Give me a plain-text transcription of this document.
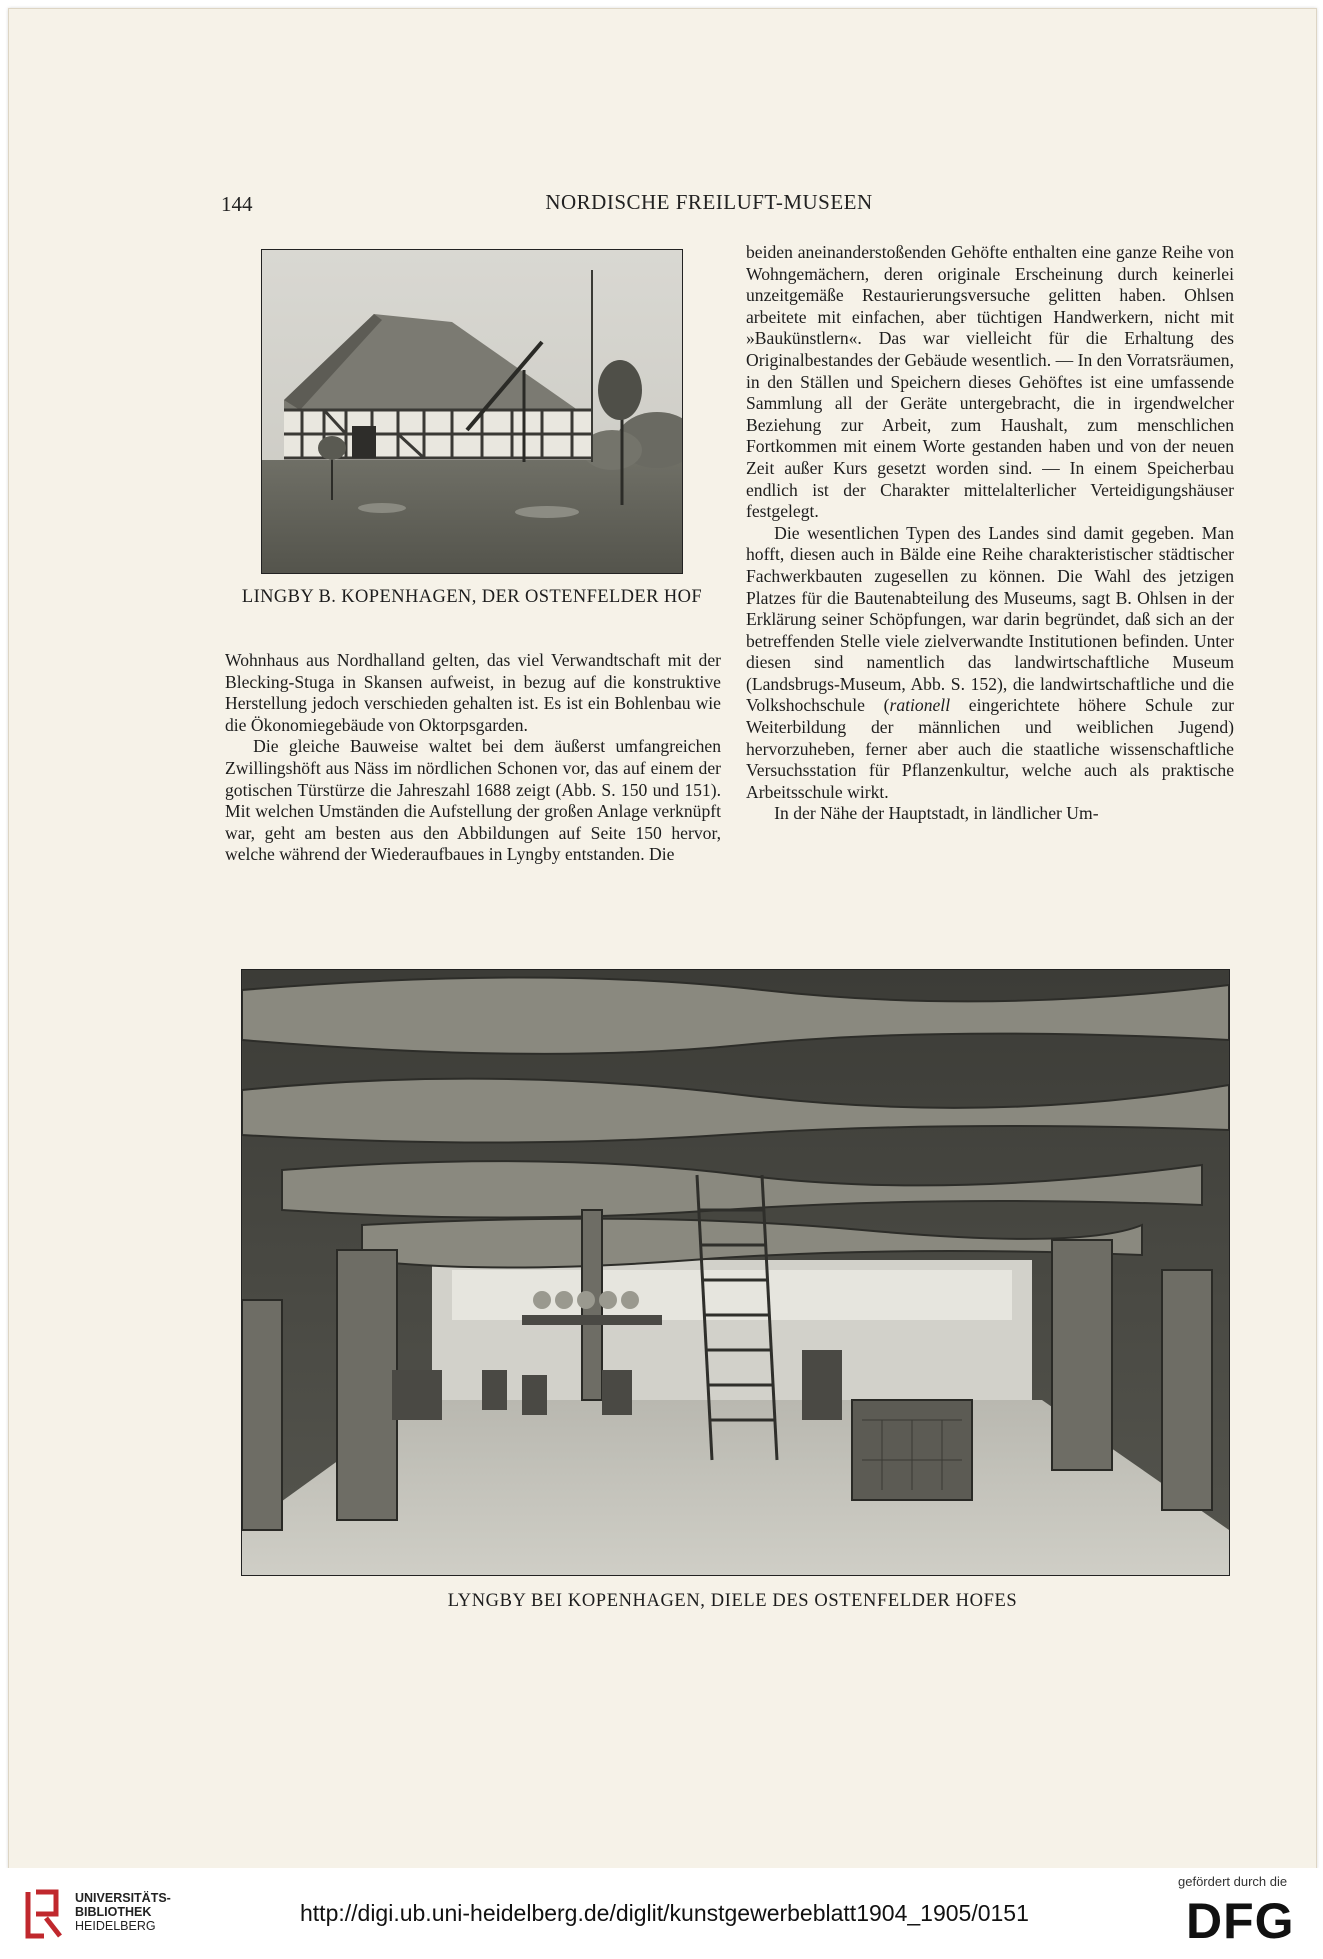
144	NORDISCHE FREILUFT-MUSEEN
LINGBY B. KOPENHAGEN, DER OSTENFELDER HOF

Wohnhaus aus Nordhalland gelten, das viel Verwandtschaft mit der Blecking-Stuga in Skansen aufweist, in bezug auf die konstruktive Herstellung jedoch verschieden gehalten ist. Es ist ein Bohlenbau wie die Ökonomiegebäude von Oktorpsgarden.

Die gleiche Bauweise waltet bei dem äußerst umfangreichen Zwillingshöft aus Näss im nördlichen Schonen vor, das auf einem der gotischen Türstürze die Jahreszahl 1688 zeigt (Abb. S. 150 und 151). Mit welchen Umständen die Aufstellung der großen Anlage verknüpft war, geht am besten aus den Abbildungen auf Seite 150 hervor, welche während der Wiederaufbaues in Lyngby entstanden. Die

beiden aneinanderstoßenden Gehöfte enthalten eine ganze Reihe von Wohngemächern, deren originale Erscheinung durch keinerlei unzeitgemäße Restaurierungsversuche gelitten haben. Ohlsen arbeitete mit einfachen, aber tüchtigen Handwerkern, nicht mit »Baukünstlern«. Das war vielleicht für die Erhaltung des Originalbestandes der Gebäude wesentlich. — In den Vorratsräumen, in den Ställen und Speichern dieses Gehöftes ist eine umfassende Sammlung all der Geräte untergebracht, die in irgendwelcher Beziehung zur Arbeit, zum Haushalt, zum menschlichen Fortkommen mit einem Worte gestanden haben und von der neuen Zeit außer Kurs gesetzt worden sind. — In einem Speicherbau endlich ist der Charakter mittelalterlicher Verteidigungshäuser festgelegt.

Die wesentlichen Typen des Landes sind damit gegeben. Man hofft, diesen auch in Bälde eine Reihe charakteristischer städtischer Fachwerkbauten zugesellen zu können. Die Wahl des jetzigen Platzes für die Bautenabteilung des Museums, sagt B. Ohlsen in der Erklärung seiner Schöpfungen, war darin begründet, daß sich an der betreffenden Stelle viele zielverwandte Institutionen befinden. Unter diesen sind namentlich das landwirtschaftliche Museum (Landsbrugs-Museum, Abb. S. 152), die landwirtschaftliche und die Volkshochschule (rationell eingerichtete höhere Schule zur Weiterbildung der männlichen und weiblichen Jugend) hervorzuheben, ferner aber auch die staatliche wissenschaftliche Versuchsstation für Pflanzenkultur, welche auch als praktische Arbeitsschule wirkt.

In der Nähe der Hauptstadt, in ländlicher Um-

LYNGBY BEI KOPENHAGEN, DIELE DES OSTENFELDER HOFES
UNIVERSITÄTS-
BIBLIOTHEK
HEIDELBERG	http://digi.ub.uni-heidelberg.de/diglit/kunstgewerbeblatt1904_1905/0151
gefördert durch die
DFG
